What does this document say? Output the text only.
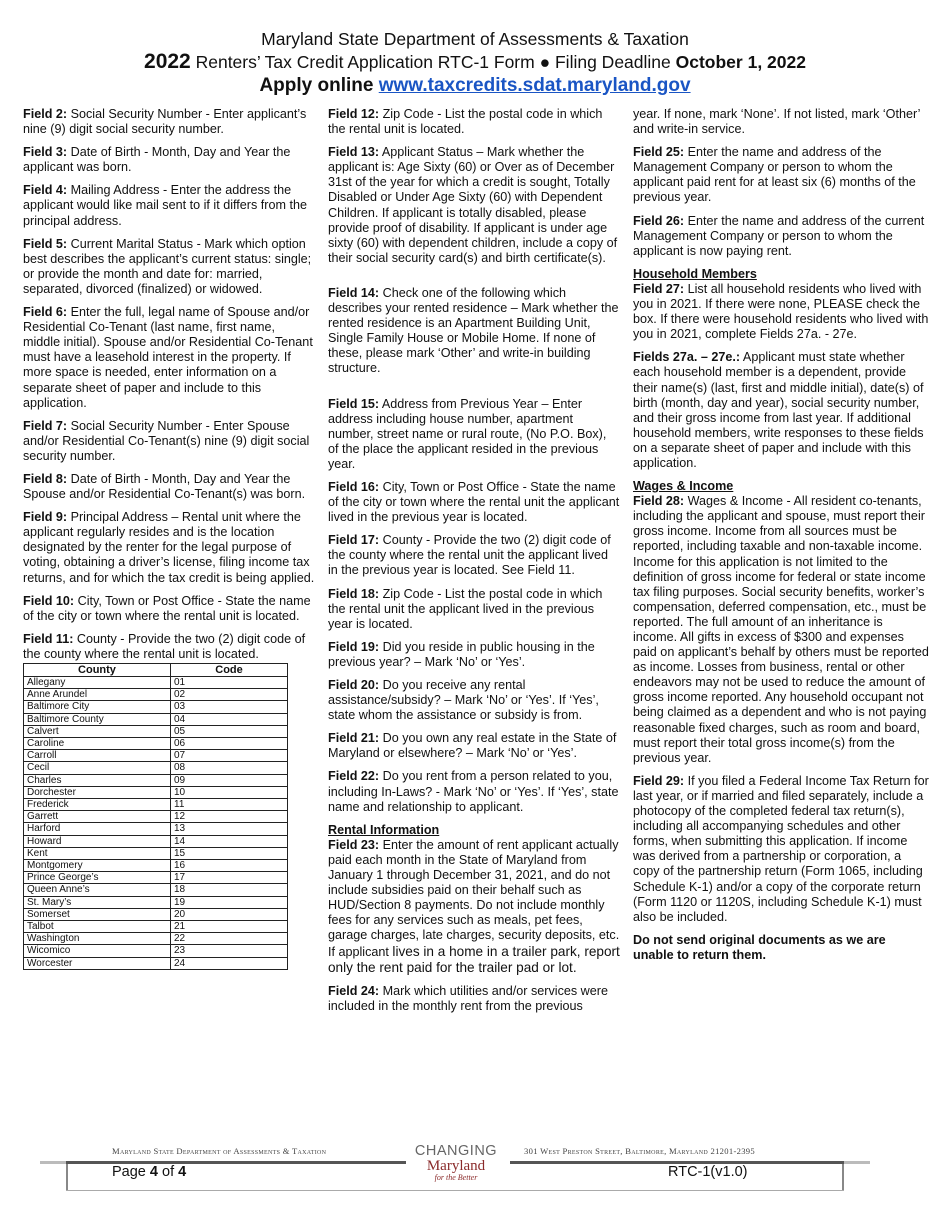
Maryland State Department of Assessments & Taxation
2022 Renters’ Tax Credit Application RTC-1 Form ● Filing Deadline October 1, 2022
Apply online www.taxcredits.sdat.maryland.gov

Field 2: Social Security Number - Enter applicant’s nine (9) digit social security number.

Field 3: Date of Birth - Month, Day and Year the applicant was born.

Field 4: Mailing Address - Enter the address the applicant would like mail sent to if it differs from the principal address.

Field 5: Current Marital Status - Mark which option best describes the applicant’s current status: single; or provide the month and date for: married, separated, divorced (finalized) or widowed.

Field 6: Enter the full, legal name of Spouse and/or Residential Co-Tenant (last name, first name, middle initial). Spouse and/or Residential Co-Tenant must have a leasehold interest in the property. If more space is needed, enter information on a separate sheet of paper and include to this application.

Field 7: Social Security Number - Enter Spouse and/or Residential Co-Tenant(s) nine (9) digit social security number.

Field 8: Date of Birth - Month, Day and Year the Spouse and/or Residential Co-Tenant(s) was born.

Field 9: Principal Address – Rental unit where the applicant regularly resides and is the location designated by the renter for the legal purpose of voting, obtaining a driver’s license, filing income tax returns, and for which the tax credit is being applied.

Field 10: City, Town or Post Office - State the name of the city or town where the rental unit is located.

Field 11: County - Provide the two (2) digit code of the county where the rental unit is located.

County	Code
Allegany	01
Anne Arundel	02
Baltimore City	03
Baltimore County	04
Calvert	05
Caroline	06
Carroll	07
Cecil	08
Charles	09
Dorchester	10
Frederick	11
Garrett	12
Harford	13
Howard	14
Kent	15
Montgomery	16
Prince George’s	17
Queen Anne’s	18
St. Mary’s	19
Somerset	20
Talbot	21
Washington	22
Wicomico	23
Worcester	24

Field 12: Zip Code - List the postal code in which the rental unit is located.

Field 13: Applicant Status – Mark whether the applicant is: Age Sixty (60) or Over as of December 31st of the year for which a credit is sought, Totally Disabled or Under Age Sixty (60) with Dependent Children. If applicant is totally disabled, please provide proof of disability. If applicant is under age sixty (60) with dependent children, include a copy of their social security card(s) and birth certificate(s).

Field 14: Check one of the following which describes your rented residence – Mark whether the rented residence is an Apartment Building Unit, Single Family House or Mobile Home. If none of these, please mark ‘Other’ and write-in building structure.

Field 15: Address from Previous Year – Enter address including house number, apartment number, street name or rural route, (No P.O. Box), of the place the applicant resided in the previous year.

Field 16: City, Town or Post Office - State the name of the city or town where the rental unit the applicant lived in the previous year is located.

Field 17: County - Provide the two (2) digit code of the county where the rental unit the applicant lived in the previous year is located. See Field 11.

Field 18: Zip Code - List the postal code in which the rental unit the applicant lived in the previous year is located.

Field 19: Did you reside in public housing in the previous year? – Mark ‘No’ or ‘Yes’.

Field 20: Do you receive any rental assistance/subsidy? – Mark ‘No’ or ‘Yes’. If ‘Yes’, state whom the assistance or subsidy is from.

Field 21: Do you own any real estate in the State of Maryland or elsewhere? – Mark ‘No’ or ‘Yes’.

Field 22: Do you rent from a person related to you, including In-Laws? - Mark ‘No’ or ‘Yes’. If ‘Yes’, state name and relationship to applicant.

Rental Information
Field 23: Enter the amount of rent applicant actually paid each month in the State of Maryland from January 1 through December 31, 2021, and do not include subsidies paid on their behalf such as HUD/Section 8 payments. Do not include monthly fees for any services such as meals, pet fees, garage charges, late charges, security deposits, etc. If applicant lives in a home in a trailer park, report only the rent paid for the trailer pad or lot.

Field 24: Mark which utilities and/or services were included in the monthly rent from the previous

year. If none, mark ‘None’. If not listed, mark ‘Other’ and write-in service.

Field 25: Enter the name and address of the Management Company or person to whom the applicant paid rent for at least six (6) months of the previous year.

Field 26: Enter the name and address of the current Management Company or person to whom the applicant is now paying rent.

Household Members
Field 27: List all household residents who lived with you in 2021. If there were none, PLEASE check the box. If there were household residents who lived with you in 2021, complete Fields 27a. - 27e.

Fields 27a. – 27e.: Applicant must state whether each household member is a dependent, provide their name(s) (last, first and middle initial), date(s) of birth (month, day and year), social security number, and their gross income from last year. If additional household members, write responses to these fields on a separate sheet of paper and include with this application.

Wages & Income
Field 28: Wages & Income - All resident co-tenants, including the applicant and spouse, must report their gross income. Income from all sources must be reported, including taxable and non-taxable income. Income for this application is not limited to the definition of gross income for federal or state income tax filing purposes. Social security benefits, worker’s compensation, deferred compensation, etc., must be reported. The full amount of an inheritance is income. All gifts in excess of $300 and expenses paid on applicant’s behalf by others must be reported as income. Losses from business, rental or other endeavors may not be used to reduce the amount of gross income reported. Any household occupant not being claimed as a dependent and who is not paying reasonable fixed charges, such as room and board, must report their total gross income(s) from the previous year.

Field 29: If you filed a Federal Income Tax Return for last year, or if married and filed separately, include a photocopy of the completed federal tax return(s), including all accompanying schedules and other forms, when submitting this application. If income was derived from a partnership or corporation, a copy of the partnership return (Form 1065, including Schedule K-1) and/or a copy of the corporate return (Form 1120 or 1120S, including Schedule K-1) must also be included.

Do not send original documents as we are unable to return them.

Maryland State Department of Assessments & Taxation	CHANGING
Maryland
for the Better
301 West Preston Street, Baltimore, Maryland 21201-2395
Page 4 of 4	RTC-1(v1.0)
